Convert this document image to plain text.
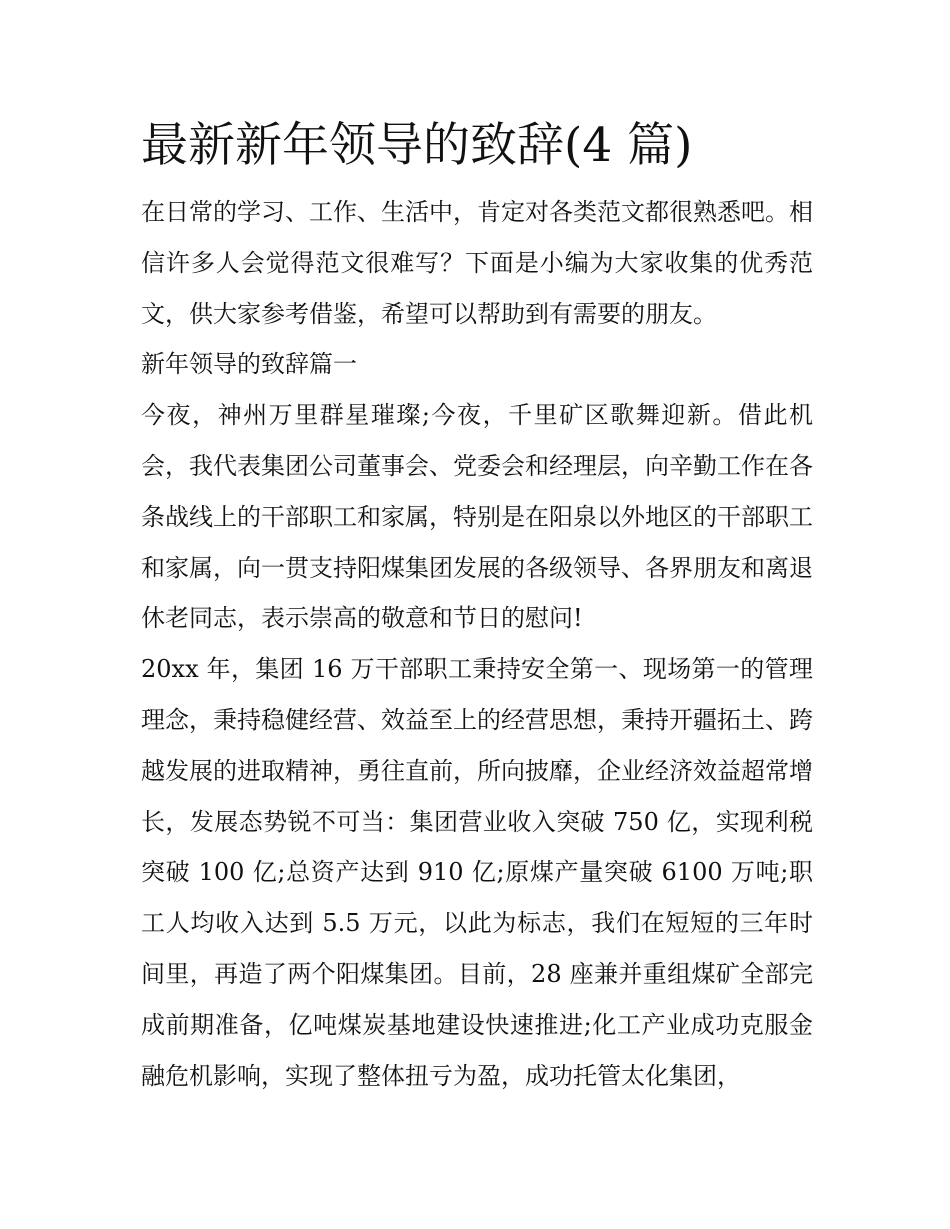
最新新年领导的致辞(4 篇)

在日常的学习、工作、生活中，肯定对各类范文都很熟悉吧。相信许多人会觉得范文很难写？下面是小编为大家收集的优秀范文，供大家参考借鉴，希望可以帮助到有需要的朋友。

新年领导的致辞篇一

今夜，神州万里群星璀璨;今夜，千里矿区歌舞迎新。借此机会，我代表集团公司董事会、党委会和经理层，向辛勤工作在各条战线上的干部职工和家属，特别是在阳泉以外地区的干部职工和家属，向一贯支持阳煤集团发展的各级领导、各界朋友和离退休老同志，表示崇高的敬意和节日的慰问!

20xx 年，集团 16 万干部职工秉持安全第一、现场第一的管理理念，秉持稳健经营、效益至上的经营思想，秉持开疆拓土、跨越发展的进取精神，勇往直前，所向披靡，企业经济效益超常增长，发展态势锐不可当：集团营业收入突破 750 亿，实现利税突破 100 亿;总资产达到 910 亿;原煤产量突破 6100 万吨;职工人均收入达到 5.5 万元，以此为标志，我们在短短的三年时间里，再造了两个阳煤集团。目前，28 座兼并重组煤矿全部完成前期准备，亿吨煤炭基地建设快速推进;化工产业成功克服金融危机影响，实现了整体扭亏为盈，成功托管太化集团，
